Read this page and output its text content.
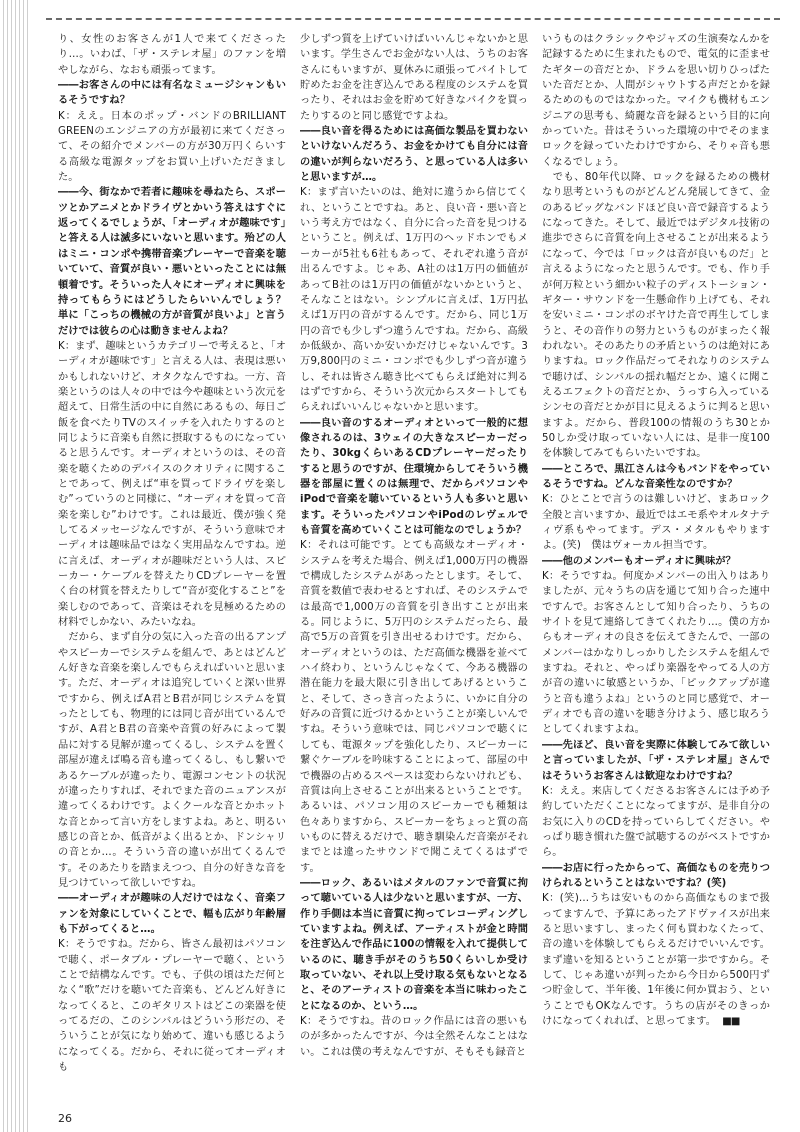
り、女性のお客さんが1人で来てくださったり…。いわば、「ザ・ステレオ屋」のファンを増やしながら、なおも頑張ってます。

――お客さんの中には有名なミュージシャンもいるそうですね？

K：ええ。日本のポップ・バンドのBRILLIANT GREENのエンジニアの方が最初に来てくださって、その紹介でメンバーの方が30万円くらいする高級な電源タップをお買い上げいただきました。

――今、街なかで若者に趣味を尋ねたら、スポーツとかアニメとかドライヴとかいう答えはすぐに返ってくるでしょうが、「オーディオが趣味です」と答える人は滅多にいないと思います。殆どの人はミニ・コンポや携帯音楽プレーヤーで音楽を聴いていて、音質が良い・悪いといったことには無頓着です。そういった人々にオーディオに興味を持ってもらうにはどうしたらいいんでしょう？　単に「こっちの機械の方が音質が良いよ」と言うだけでは彼らの心は動きませんよね？

K：まず、趣味というカテゴリーで考えると、「オーディオが趣味です」と言える人は、表現は悪いかもしれないけど、オタクなんですね。一方、音楽というのは人々の中では今や趣味という次元を超えて、日常生活の中に自然にあるもの、毎日ご飯を食べたりTVのスイッチを入れたりするのと同じように音楽も自然に摂取するものになっていると思うんです。オーディオというのは、その音楽を聴くためのデバイスのクオリティに関することであって、例えば“車を買ってドライヴを楽しむ”っていうのと同様に、“オーディオを買って音楽を楽しむ”わけです。これは最近、僕が強く発してるメッセージなんですが、そういう意味でオーディオは趣味品ではなく実用品なんですね。逆に言えば、オーディオが趣味だという人は、スピーカー・ケーブルを替えたりCDプレーヤーを置く台の材質を替えたりして“音が変化すること”を楽しむのであって、音楽はそれを見極めるための材料でしかない、みたいなね。

　だから、まず自分の気に入った音の出るアンプやスピーカーでシステムを組んで、あとはどんどん好きな音楽を楽しんでもらえればいいと思います。ただ、オーディオは追究していくと深い世界ですから、例えばA君とB君が同じシステムを買ったとしても、物理的には同じ音が出ているんですが、A君とB君の音楽や音質の好みによって製品に対する見解が違ってくるし、システムを置く部屋が違えば鳴る音も違ってくるし、もし繋いであるケーブルが違ったり、電源コンセントの状況が違ったりすれば、それでまた音のニュアンスが違ってくるわけです。よくクールな音とかホットな音とかって言い方をしますよね。あと、明るい感じの音とか、低音がよく出るとか、ドンシャリの音とか…。そういう音の違いが出てくるんです。そのあたりを踏まえつつ、自分の好きな音を見つけていって欲しいですね。

――オーディオが趣味の人だけではなく、音楽ファンを対象にしていくことで、幅も広がり年齢層も下がってくると…。

K：そうですね。だから、皆さん最初はパソコンで聴く、ポータブル・プレーヤーで聴く、ということで結構なんです。でも、子供の頃はただ何となく“歌”だけを聴いてた音楽も、どんどん好きになってくると、このギタリストはどこの楽器を使ってるだの、このシンバルはどういう形だの、そういうことが気になり始めて、違いも感じるようになってくる。だから、それに従ってオーディオも

少しずつ質を上げていけばいいんじゃないかと思います。学生さんでお金がない人は、うちのお客さんにもいますが、夏休みに頑張ってバイトして貯めたお金を注ぎ込んである程度のシステムを買ったり、それはお金を貯めて好きなバイクを買ったりするのと同じ感覚ですよね。

――良い音を得るためには高価な製品を買わないといけないんだろう、お金をかけても自分には音の違いが判らないだろう、と思っている人は多いと思いますが…。

K：まず言いたいのは、絶対に違うから信じてくれ、ということですね。あと、良い音・悪い音という考え方ではなく、自分に合った音を見つけるということ。例えば、1万円のヘッドホンでもメーカーが5社も6社もあって、それぞれ違う音が出るんですよ。じゃあ、A社のは1万円の価値があってB社のは1万円の価値がないかというと、そんなことはない。シンプルに言えば、1万円払えば1万円の音がするんです。だから、同じ1万円の音でも少しずつ違うんですね。だから、高級か低級か、高いか安いかだけじゃないんです。3万9,800円のミニ・コンポでも少しずつ音が違うし、それは皆さん聴き比べてもらえば絶対に判るはずですから、そういう次元からスタートしてもらえればいいんじゃないかと思います。

――良い音のするオーディオといって一般的に想像されるのは、3ウェイの大きなスピーカーだったり、30kgくらいあるCDプレーヤーだったりすると思うのですが、住環境からしてそういう機器を部屋に置くのは無理で、だからパソコンやiPodで音楽を聴いているという人も多いと思います。そういったパソコンやiPodのレヴェルでも音質を高めていくことは可能なのでしょうか？

K：それは可能です。とても高級なオーディオ・システムを考えた場合、例えば1,000万円の機器で構成したシステムがあったとします。そして、音質を数値で表わせるとすれば、そのシステムでは最高で1,000万の音質を引き出すことが出来る。同じように、5万円のシステムだったら、最高で5万の音質を引き出せるわけです。だから、オーディオというのは、ただ高価な機器を並べてハイ終わり、というんじゃなくて、今ある機器の潜在能力を最大限に引き出してあげるということ、そして、さっき言ったように、いかに自分の好みの音質に近づけるかということが楽しいんですね。そういう意味では、同じパソコンで聴くにしても、電源タップを強化したり、スピーカーに繋ぐケーブルを吟味することによって、部屋の中で機器の占めるスペースは変わらないけれども、音質は向上させることが出来るということです。あるいは、パソコン用のスピーカーでも種類は色々ありますから、スピーカーをちょっと質の高いものに替えるだけで、聴き馴染んだ音楽がそれまでとは違ったサウンドで聞こえてくるはずです。

――ロック、あるいはメタルのファンで音質に拘って聴いている人は少ないと思いますが、一方、作り手側は本当に音質に拘ってレコーディングしていますよね。例えば、アーティストが金と時間を注ぎ込んで作品に100の情報を入れて提供しているのに、聴き手がそのうち50くらいしか受け取っていない、それ以上受け取る気もないとなると、そのアーティストの音楽を本当に味わったことになるのか、という…。

K：そうですね。昔のロック作品には音の悪いものが多かったんですが、今は全然そんなことはない。これは僕の考えなんですが、そもそも録音と

いうものはクラシックやジャズの生演奏なんかを記録するために生まれたもので、電気的に歪ませたギターの音だとか、ドラムを思い切りひっぱたいた音だとか、人間がシャウトする声だとかを録るためのものではなかった。マイクも機材もエンジニアの思考も、綺麗な音を録るという目的に向かっていた。昔はそういった環境の中でそのままロックを録っていたわけですから、そりゃ音も悪くなるでしょう。

　でも、80年代以降、ロックを録るための機材なり思考というものがどんどん発展してきて、金のあるビッグなバンドほど良い音で録音するようになってきた。そして、最近ではデジタル技術の進歩でさらに音質を向上させることが出来るようになって、今では「ロックは音が良いものだ」と言えるようになったと思うんです。でも、作り手が何万粒という細かい粒子のディストーション・ギター・サウンドを一生懸命作り上げても、それを安いミニ・コンポのボヤけた音で再生してしまうと、その音作りの努力というものがまったく報われない。そのあたりの矛盾というのは絶対にありますね。ロック作品だってそれなりのシステムで聴けば、シンバルの揺れ幅だとか、遠くに聞こえるエフェクトの音だとか、うっすら入っているシンセの音だとかが目に見えるように判ると思いますよ。だから、普段100の情報のうち30とか50しか受け取っていない人には、是非一度100を体験してみてもらいたいですね。

――ところで、黒江さんは今もバンドをやっているそうですね。どんな音楽性なのですか？

K：ひとことで言うのは難しいけど、まあロック全般と言いますか、最近ではエモ系やオルタナティヴ系もやってます。デス・メタルもやりますよ。(笑)　僕はヴォーカル担当です。

――他のメンバーもオーディオに興味が？

K：そうですね。何度かメンバーの出入りはありましたが、元々うちの店を通じて知り合った連中ですんで。お客さんとして知り合ったり、うちのサイトを見て連絡してきてくれたり…。僕の方からもオーディオの良さを伝えてきたんで、一部のメンバーはかなりしっかりしたシステムを組んでますね。それと、やっぱり楽器をやってる人の方が音の違いに敏感というか、「ピックアップが違うと音も違うよね」というのと同じ感覚で、オーディオでも音の違いを聴き分けよう、感じ取ろうとしてくれますよね。

――先ほど、良い音を実際に体験してみて欲しいと言っていましたが、「ザ・ステレオ屋」さんではそういうお客さんは歓迎なわけですね？

K：ええ。来店してくださるお客さんには予め予約していただくことになってますが、是非自分のお気に入りのCDを持っていらしてください。やっぱり聴き慣れた盤で試聴するのがベストですから。

――お店に行ったからって、高価なものを売りつけられるということはないですね？(笑)

K：(笑)…うちは安いものから高価なものまで扱ってますんで、予算にあったアドヴァイスが出来ると思いますし、まったく何も買わなくたって、音の違いを体験してもらえるだけでいいんです。まず違いを知るということが第一歩ですから。そして、じゃあ違いが判ったから今日から500円ずつ貯金して、半年後、1年後に何か買おう、ということでもOKなんです。うちの店がそのきっかけになってくれれば、と思ってます。 ■■

26
